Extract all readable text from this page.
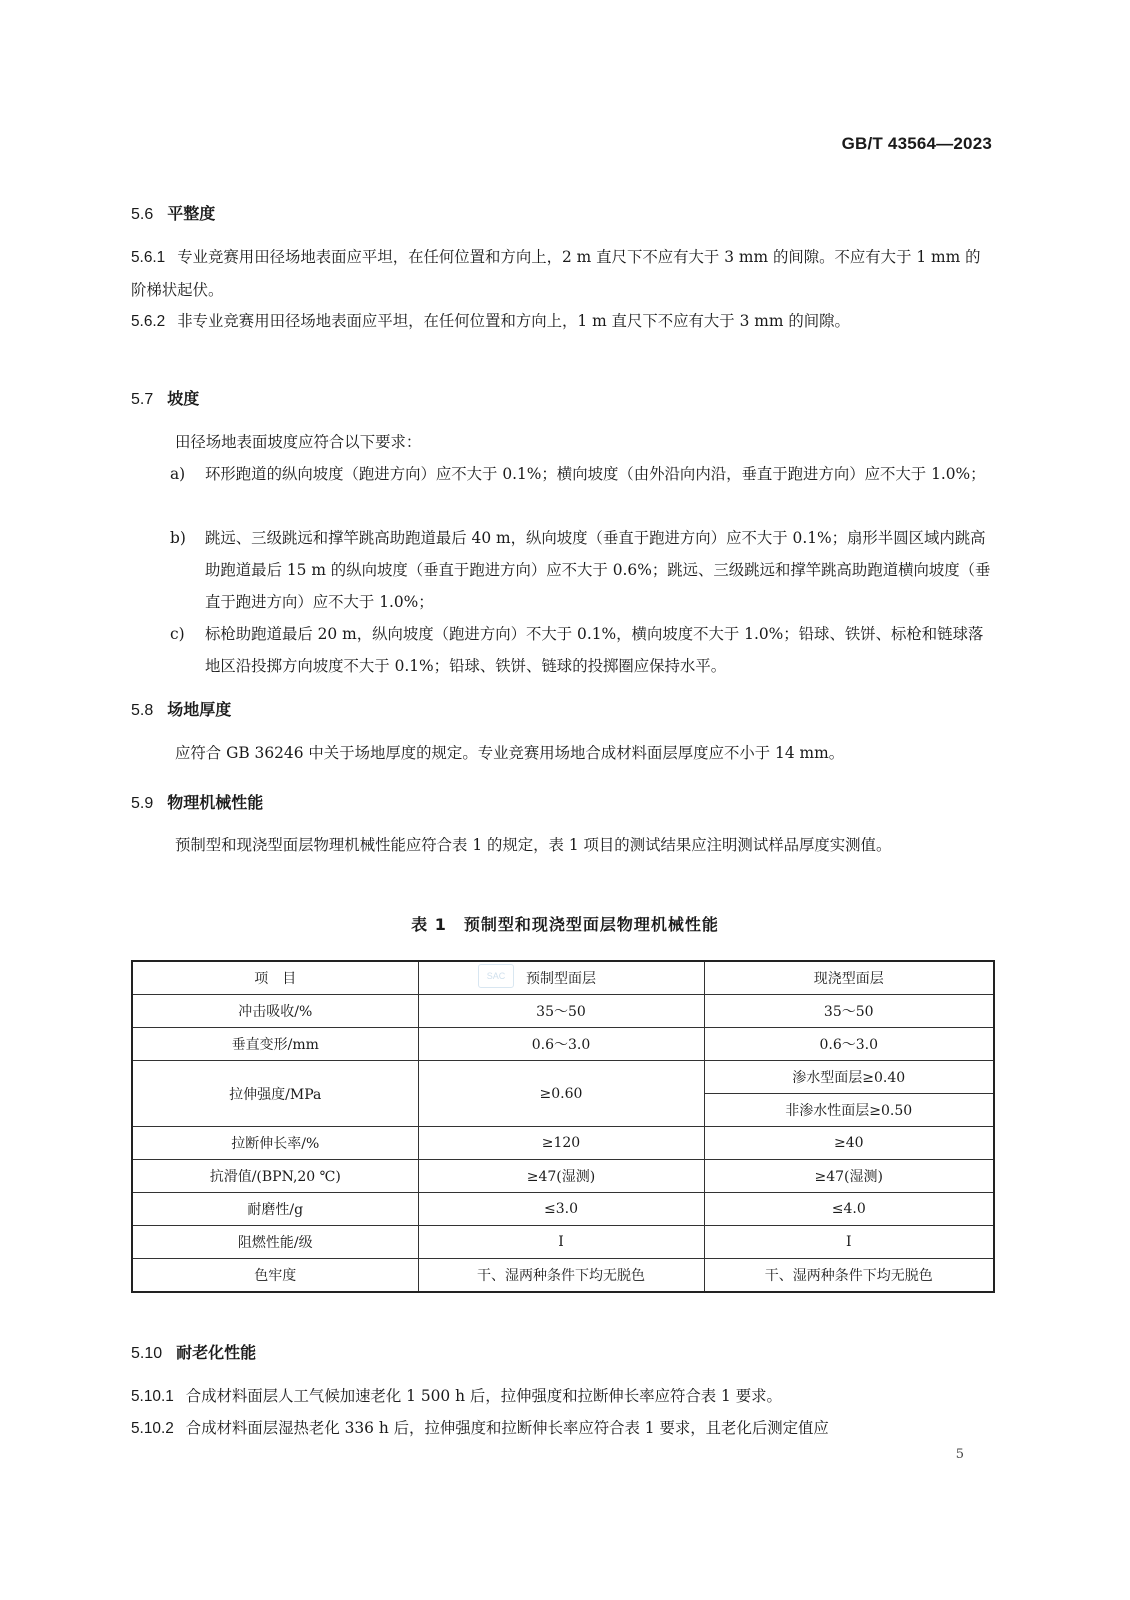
GB/T 43564—2023
5.6 平整度
5.6.1 专业竞赛用田径场地表面应平坦，在任何位置和方向上，2 m 直尺下不应有大于 3 mm 的间隙。不应有大于 1 mm 的阶梯状起伏。
5.6.2 非专业竞赛用田径场地表面应平坦，在任何位置和方向上，1 m 直尺下不应有大于 3 mm 的间隙。
5.7 坡度
田径场地表面坡度应符合以下要求：
a) 环形跑道的纵向坡度（跑进方向）应不大于 0.1%；横向坡度（由外沿向内沿，垂直于跑进方向）应不大于 1.0%；
b) 跳远、三级跳远和撑竿跳高助跑道最后 40 m，纵向坡度（垂直于跑进方向）应不大于 0.1%；扇形半圆区域内跳高助跑道最后 15 m 的纵向坡度（垂直于跑进方向）应不大于 0.6%；跳远、三级跳远和撑竿跳高助跑道横向坡度（垂直于跑进方向）应不大于 1.0%；
c) 标枪助跑道最后 20 m，纵向坡度（跑进方向）不大于 0.1%，横向坡度不大于 1.0%；铅球、铁饼、标枪和链球落地区沿投掷方向坡度不大于 0.1%；铅球、铁饼、链球的投掷圈应保持水平。
5.8 场地厚度
应符合 GB 36246 中关于场地厚度的规定。专业竞赛用场地合成材料面层厚度应不小于 14 mm。
5.9 物理机械性能
预制型和现浇型面层物理机械性能应符合表 1 的规定，表 1 项目的测试结果应注明测试样品厚度实测值。
表 1　预制型和现浇型面层物理机械性能
项　目	预制型面层	现浇型面层
冲击吸收/%	35～50	35～50
垂直变形/mm	0.6～3.0	0.6～3.0
拉伸强度/MPa	≥0.60	渗水型面层≥0.40
		非渗水性面层≥0.50
拉断伸长率/%	≥120	≥40
抗滑值/(BPN,20 ℃)	≥47(湿测)	≥47(湿测)
耐磨性/g	≤3.0	≤4.0
阻燃性能/级	Ⅰ	Ⅰ
色牢度	干、湿两种条件下均无脱色	干、湿两种条件下均无脱色
SAC
5.10 耐老化性能
5.10.1 合成材料面层人工气候加速老化 1 500 h 后，拉伸强度和拉断伸长率应符合表 1 要求。
5.10.2 合成材料面层湿热老化 336 h 后，拉伸强度和拉断伸长率应符合表 1 要求，且老化后测定值应
5
